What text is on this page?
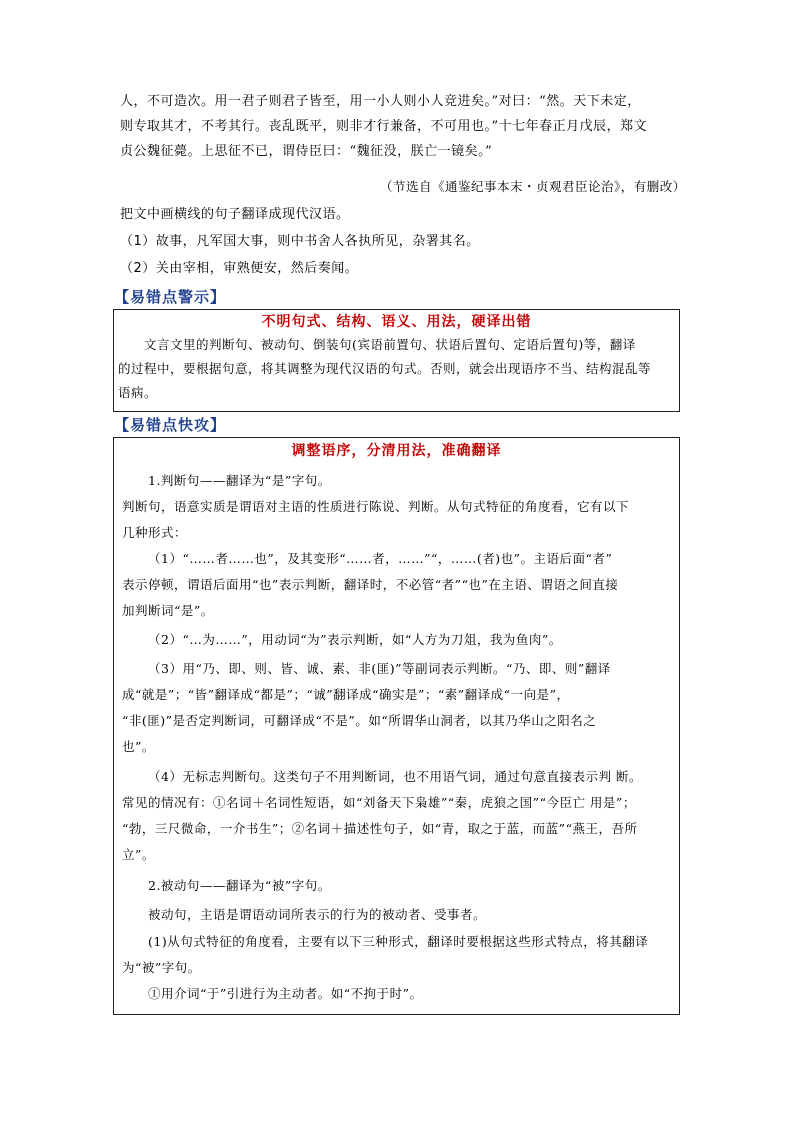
人，不可造次。用一君子则君子皆至，用一小人则小人竞进矣。”对曰：“然。天下未定，
则专取其才，不考其行。丧乱既平，则非才行兼备，不可用也。”十七年春正月戊辰，郑文
贞公魏征薨。上思征不已，谓侍臣曰：“魏征没，朕亡一镜矣。”
（节选自《通鉴纪事本末・贞观君臣论治》，有删改）
把文中画横线的句子翻译成现代汉语。
（1）故事，凡军国大事，则中书舍人各执所见，杂署其名。
（2）关由宰相，审熟便安，然后奏闻。
【易错点警示】
不明句式、结构、语义、用法，硬译出错
文言文里的判断句、被动句、倒装句(宾语前置句、状语后置句、定语后置句)等，翻译
的过程中，要根据句意，将其调整为现代汉语的句式。否则，就会出现语序不当、结构混乱等
语病。
【易错点快攻】
调整语序，分清用法，准确翻译
1.判断句——翻译为“是”字句。
判断句，语意实质是谓语对主语的性质进行陈说、判断。从句式特征的角度看，它有以下
几种形式：
（1）“……者……也”，及其变形“……者，……”“，……(者)也”。主语后面“者”
表示停顿，谓语后面用“也”表示判断，翻译时，不必管“者”“也”在主语、谓语之间直接
加判断词“是”。
（2）“…为……”，用动词“为”表示判断，如“人方为刀俎，我为鱼肉”。
（3）用“乃、即、则、皆、诚、素、非(匪)”等副词表示判断。“乃、即、则”翻译
成“就是”；“皆”翻译成“都是”；“诚”翻译成“确实是”；“素”翻译成“一向是”，
“非(匪)”是否定判断词，可翻译成“不是”。如“所谓华山洞者，以其乃华山之阳名之
也”。
（4）无标志判断句。这类句子不用判断词，也不用语气词，通过句意直接表示判 断。
常见的情况有：①名词＋名词性短语，如“刘备天下枭雄”“秦，虎狼之国”“今臣亡 用是”；
“勃，三尺微命，一介书生”；②名词＋描述性句子，如“青，取之于蓝，而蓝”“燕王，吾所
立”。
2.被动句——翻译为“被”字句。
被动句，主语是谓语动词所表示的行为的被动者、受事者。
(1)从句式特征的角度看，主要有以下三种形式，翻译时要根据这些形式特点，将其翻译
为“被”字句。
①用介词“于”引进行为主动者。如“不拘于时”。
